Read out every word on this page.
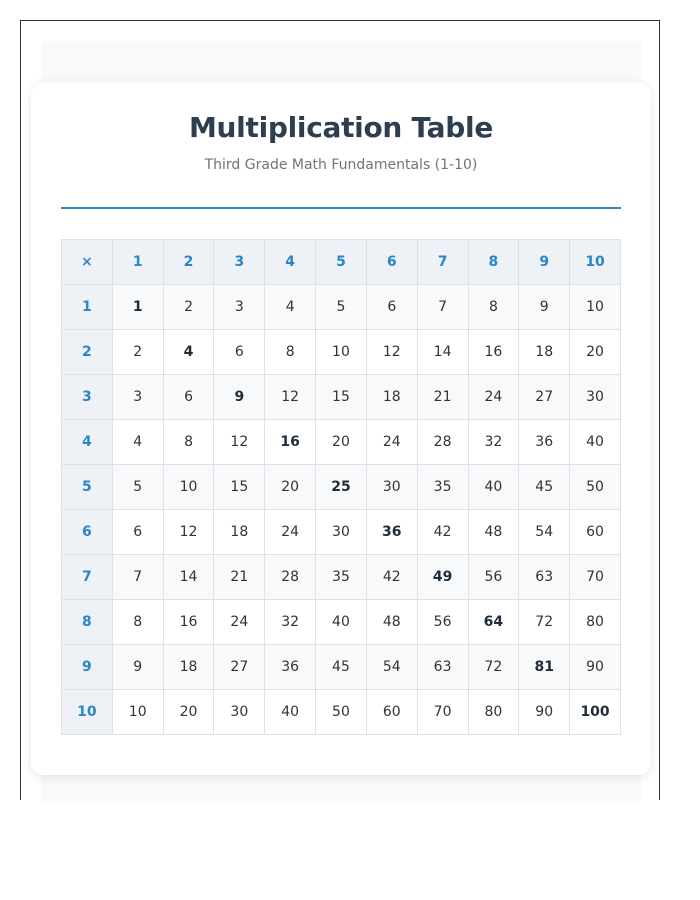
Multiplication Table
Third Grade Math Fundamentals (1-10)
×	1	2	3	4	5	6	7	8	9	10
1	1	2	3	4	5	6	7	8	9	10
2	2	4	6	8	10	12	14	16	18	20
3	3	6	9	12	15	18	21	24	27	30
4	4	8	12	16	20	24	28	32	36	40
5	5	10	15	20	25	30	35	40	45	50
6	6	12	18	24	30	36	42	48	54	60
7	7	14	21	28	35	42	49	56	63	70
8	8	16	24	32	40	48	56	64	72	80
9	9	18	27	36	45	54	63	72	81	90
10	10	20	30	40	50	60	70	80	90	100
